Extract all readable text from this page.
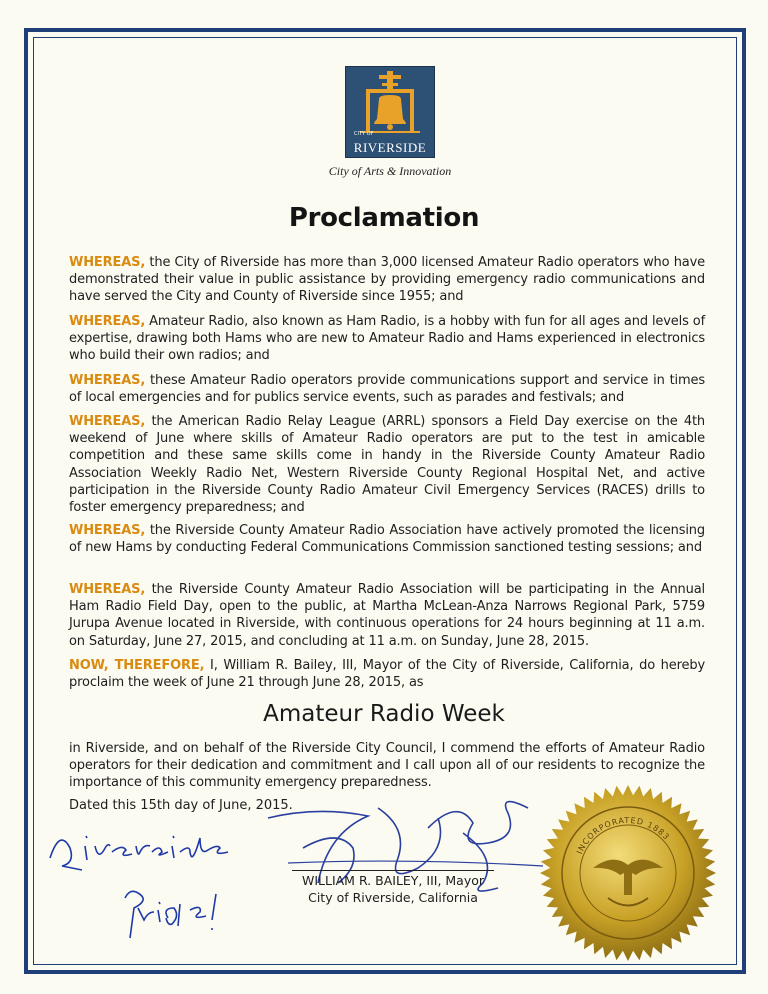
CITY OF
RIVERSIDE
City of Arts & Innovation
Proclamation
WHEREAS, the City of Riverside has more than 3,000 licensed Amateur Radio operators who have demonstrated their value in public assistance by providing emergency radio communications and have served the City and County of Riverside since 1955; and
WHEREAS, Amateur Radio, also known as Ham Radio, is a hobby with fun for all ages and levels of expertise, drawing both Hams who are new to Amateur Radio and Hams experienced in electronics who build their own radios; and
WHEREAS, these Amateur Radio operators provide communications support and service in times of local emergencies and for publics service events, such as parades and festivals; and
WHEREAS, the American Radio Relay League (ARRL) sponsors a Field Day exercise on the 4th weekend of June where skills of Amateur Radio operators are put to the test in amicable competition and these same skills come in handy in the Riverside County Amateur Radio Association Weekly Radio Net, Western Riverside County Regional Hospital Net, and active participation in the Riverside County Radio Amateur Civil Emergency Services (RACES) drills to foster emergency preparedness; and
WHEREAS, the Riverside County Amateur Radio Association have actively promoted the licensing of new Hams by conducting Federal Communications Commission sanctioned testing sessions; and
WHEREAS, the Riverside County Amateur Radio Association will be participating in the Annual Ham Radio Field Day, open to the public, at Martha McLean-Anza Narrows Regional Park, 5759 Jurupa Avenue located in Riverside, with continuous operations for 24 hours beginning at 11 a.m. on Saturday, June 27, 2015, and concluding at 11 a.m. on Sunday, June 28, 2015.
NOW, THEREFORE, I, William R. Bailey, III, Mayor of the City of Riverside, California, do hereby proclaim the week of June 21 through June 28, 2015, as
Amateur Radio Week
in Riverside, and on behalf of the Riverside City Council, I commend the efforts of Amateur Radio operators for their dedication and commitment and I call upon all of our residents to recognize the importance of this community emergency preparedness.
Dated this 15th day of June, 2015.
WILLIAM R. BAILEY, III, Mayor
City of Riverside, California
INCORPORATED 1883
